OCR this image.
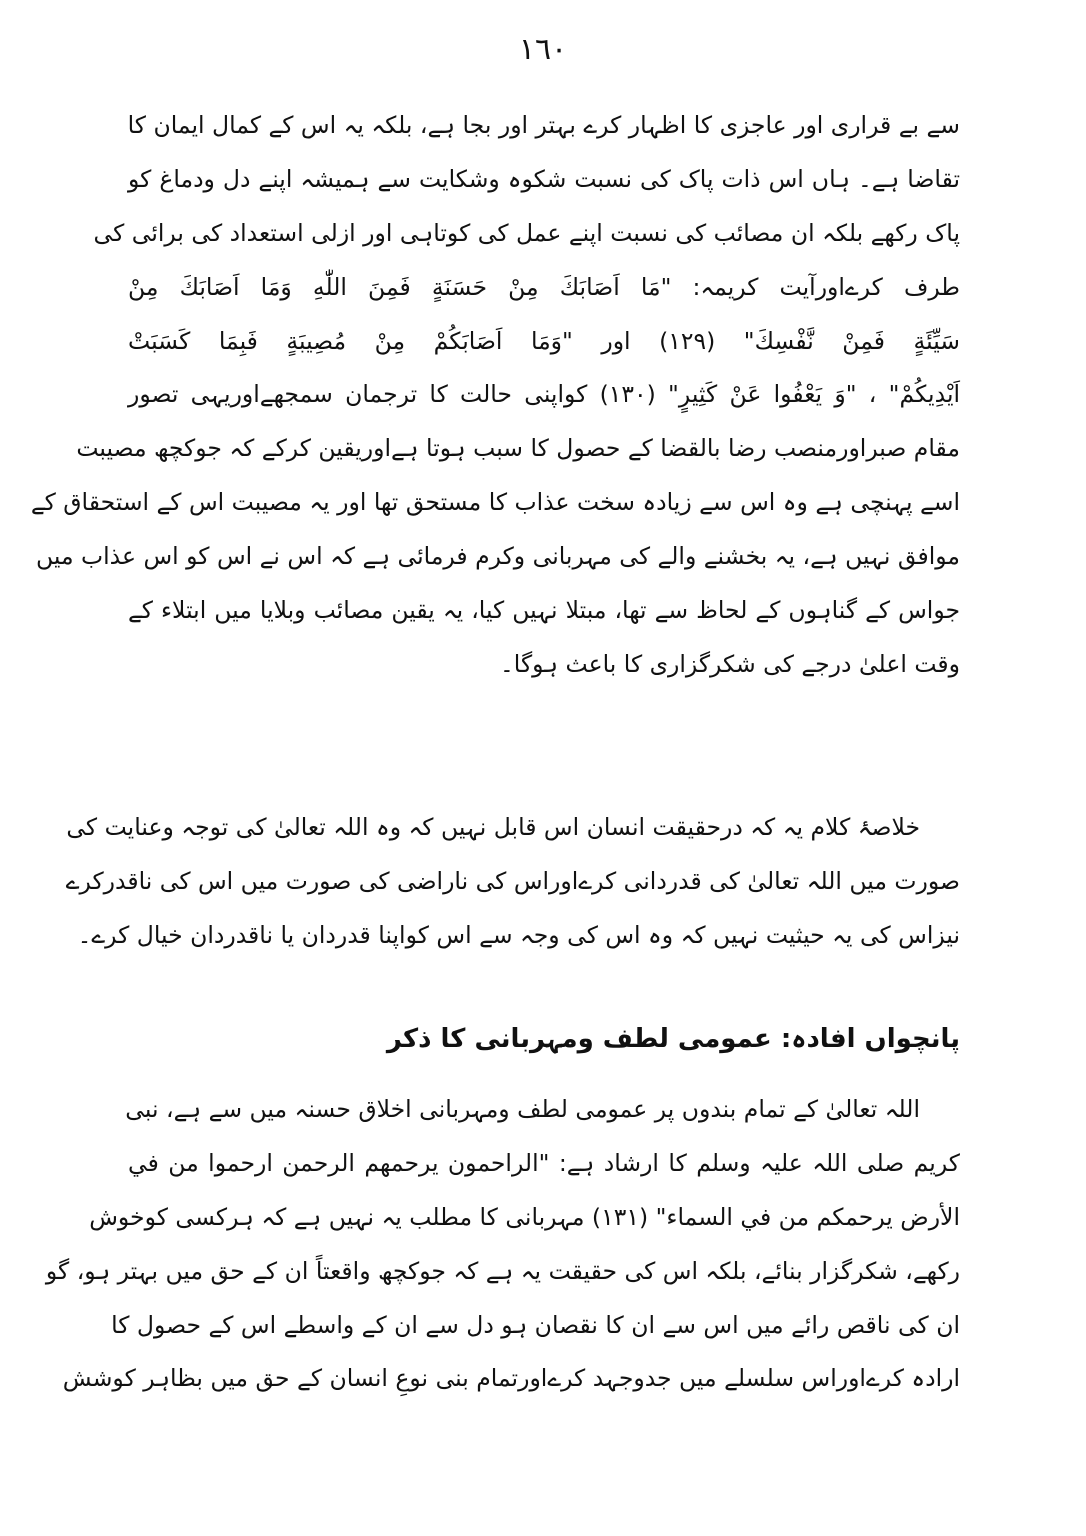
١٦٠
سے بے قراری اور عاجزی کا اظہار کرے بہتر اور بجا ہے، بلکہ یہ اس کے کمال ایمان کا
تقاضا ہے۔ ہاں اس ذات پاک کی نسبت شکوہ وشکایت سے ہمیشہ اپنے دل ودماغ کو
پاک رکھے بلکہ ان مصائب کی نسبت اپنے عمل کی کوتاہی اور ازلی استعداد کی برائی کی
طرف کرےاورآیت کریمہ: "مَا اَصَابَكَ مِنْ حَسَنَةٍ فَمِنَ اللّٰهِ وَمَا اَصَابَكَ مِنْ
سَيِّئَةٍ فَمِنْ نَّفْسِكَ" (١٢٩) اور "وَمَا اَصَابَكُمْ مِنْ مُصِيبَةٍ فَبِمَا كَسَبَتْ
اَيْدِيكُمْ" ، "وَ يَعْفُوا عَنْ كَثِيرٍ" (١٣٠) کواپنی حالت کا ترجمان سمجھےاوریہی تصور
مقام صبراورمنصب رضا بالقضا کے حصول کا سبب ہوتا ہےاوریقین کرکے کہ جوکچھ مصیبت
اسے پہنچی ہے وہ اس سے زیادہ سخت عذاب کا مستحق تھا اور یہ مصیبت اس کے استحقاق کے
موافق نہیں ہے، یہ بخشنے والے کی مہربانی وکرم فرمائی ہے کہ اس نے اس کو اس عذاب میں
جواس کے گناہوں کے لحاظ سے تھا، مبتلا نہیں کیا، یہ یقین مصائب وبلایا میں ابتلاء کے
وقت اعلیٰ درجے کی شکرگزاری کا باعث ہوگا۔
خلاصۂ کلام یہ کہ درحقیقت انسان اس قابل نہیں کہ وہ اللہ تعالیٰ کی توجہ وعنایت کی
صورت میں اللہ تعالیٰ کی قدردانی کرےاوراس کی ناراضی کی صورت میں اس کی ناقدرکرے
نیزاس کی یہ حیثیت نہیں کہ وہ اس کی وجہ سے اس کواپنا قدردان یا ناقدردان خیال کرے۔
پانچواں افادہ: عمومی لطف ومہربانی کا ذکر
اللہ تعالیٰ کے تمام بندوں پر عمومی لطف ومہربانی اخلاق حسنہ میں سے ہے، نبی
کریم صلی اللہ علیہ وسلم کا ارشاد ہے: "الراحمون يرحمهم الرحمن ارحموا من في
الأرض يرحمكم من في السماء" (١٣١) مہربانی کا مطلب یہ نہیں ہے کہ ہرکسی کوخوش
رکھے، شکرگزار بنائے، بلکہ اس کی حقیقت یہ ہے کہ جوکچھ واقعتاً ان کے حق میں بہتر ہو، گو
ان کی ناقص رائے میں اس سے ان کا نقصان ہو دل سے ان کے واسطے اس کے حصول کا
ارادہ کرےاوراس سلسلے میں جدوجہد کرےاورتمام بنی نوعِ انسان کے حق میں بظاہر کوشش
